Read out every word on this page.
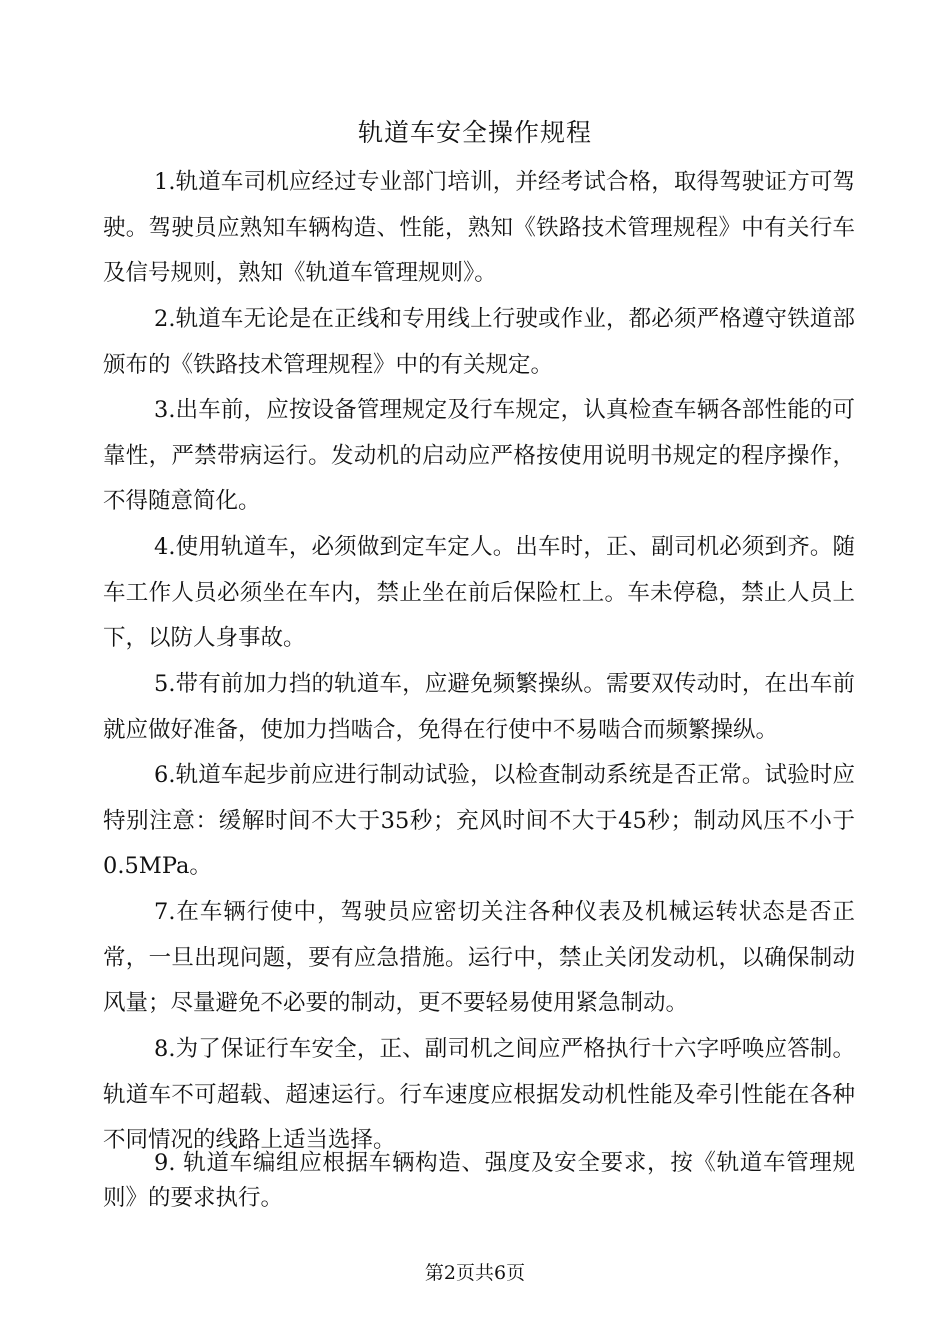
轨道车安全操作规程

1.轨道车司机应经过专业部门培训，并经考试合格，取得驾驶证方可驾驶。驾驶员应熟知车辆构造、性能，熟知《铁路技术管理规程》中有关行车及信号规则，熟知《轨道车管理规则》。

2.轨道车无论是在正线和专用线上行驶或作业，都必须严格遵守铁道部颁布的《铁路技术管理规程》中的有关规定。

3.出车前，应按设备管理规定及行车规定，认真检查车辆各部性能的可靠性，严禁带病运行。发动机的启动应严格按使用说明书规定的程序操作，不得随意简化。

4.使用轨道车，必须做到定车定人。出车时，正、副司机必须到齐。随车工作人员必须坐在车内，禁止坐在前后保险杠上。车未停稳，禁止人员上下，以防人身事故。

5.带有前加力挡的轨道车，应避免频繁操纵。需要双传动时，在出车前就应做好准备，使加力挡啮合，免得在行使中不易啮合而频繁操纵。

6.轨道车起步前应进行制动试验，以检查制动系统是否正常。试验时应特别注意：缓解时间不大于35秒；充风时间不大于45秒；制动风压不小于0.5MPa。

7.在车辆行使中，驾驶员应密切关注各种仪表及机械运转状态是否正常，一旦出现问题，要有应急措施。运行中，禁止关闭发动机，以确保制动风量；尽量避免不必要的制动，更不要轻易使用紧急制动。

8.为了保证行车安全，正、副司机之间应严格执行十六字呼唤应答制。轨道车不可超载、超速运行。行车速度应根据发动机性能及牵引性能在各种不同情况的线路上适当选择。

9. 轨道车编组应根据车辆构造、强度及安全要求，按《轨道车管理规则》的要求执行。

第2页共6页
